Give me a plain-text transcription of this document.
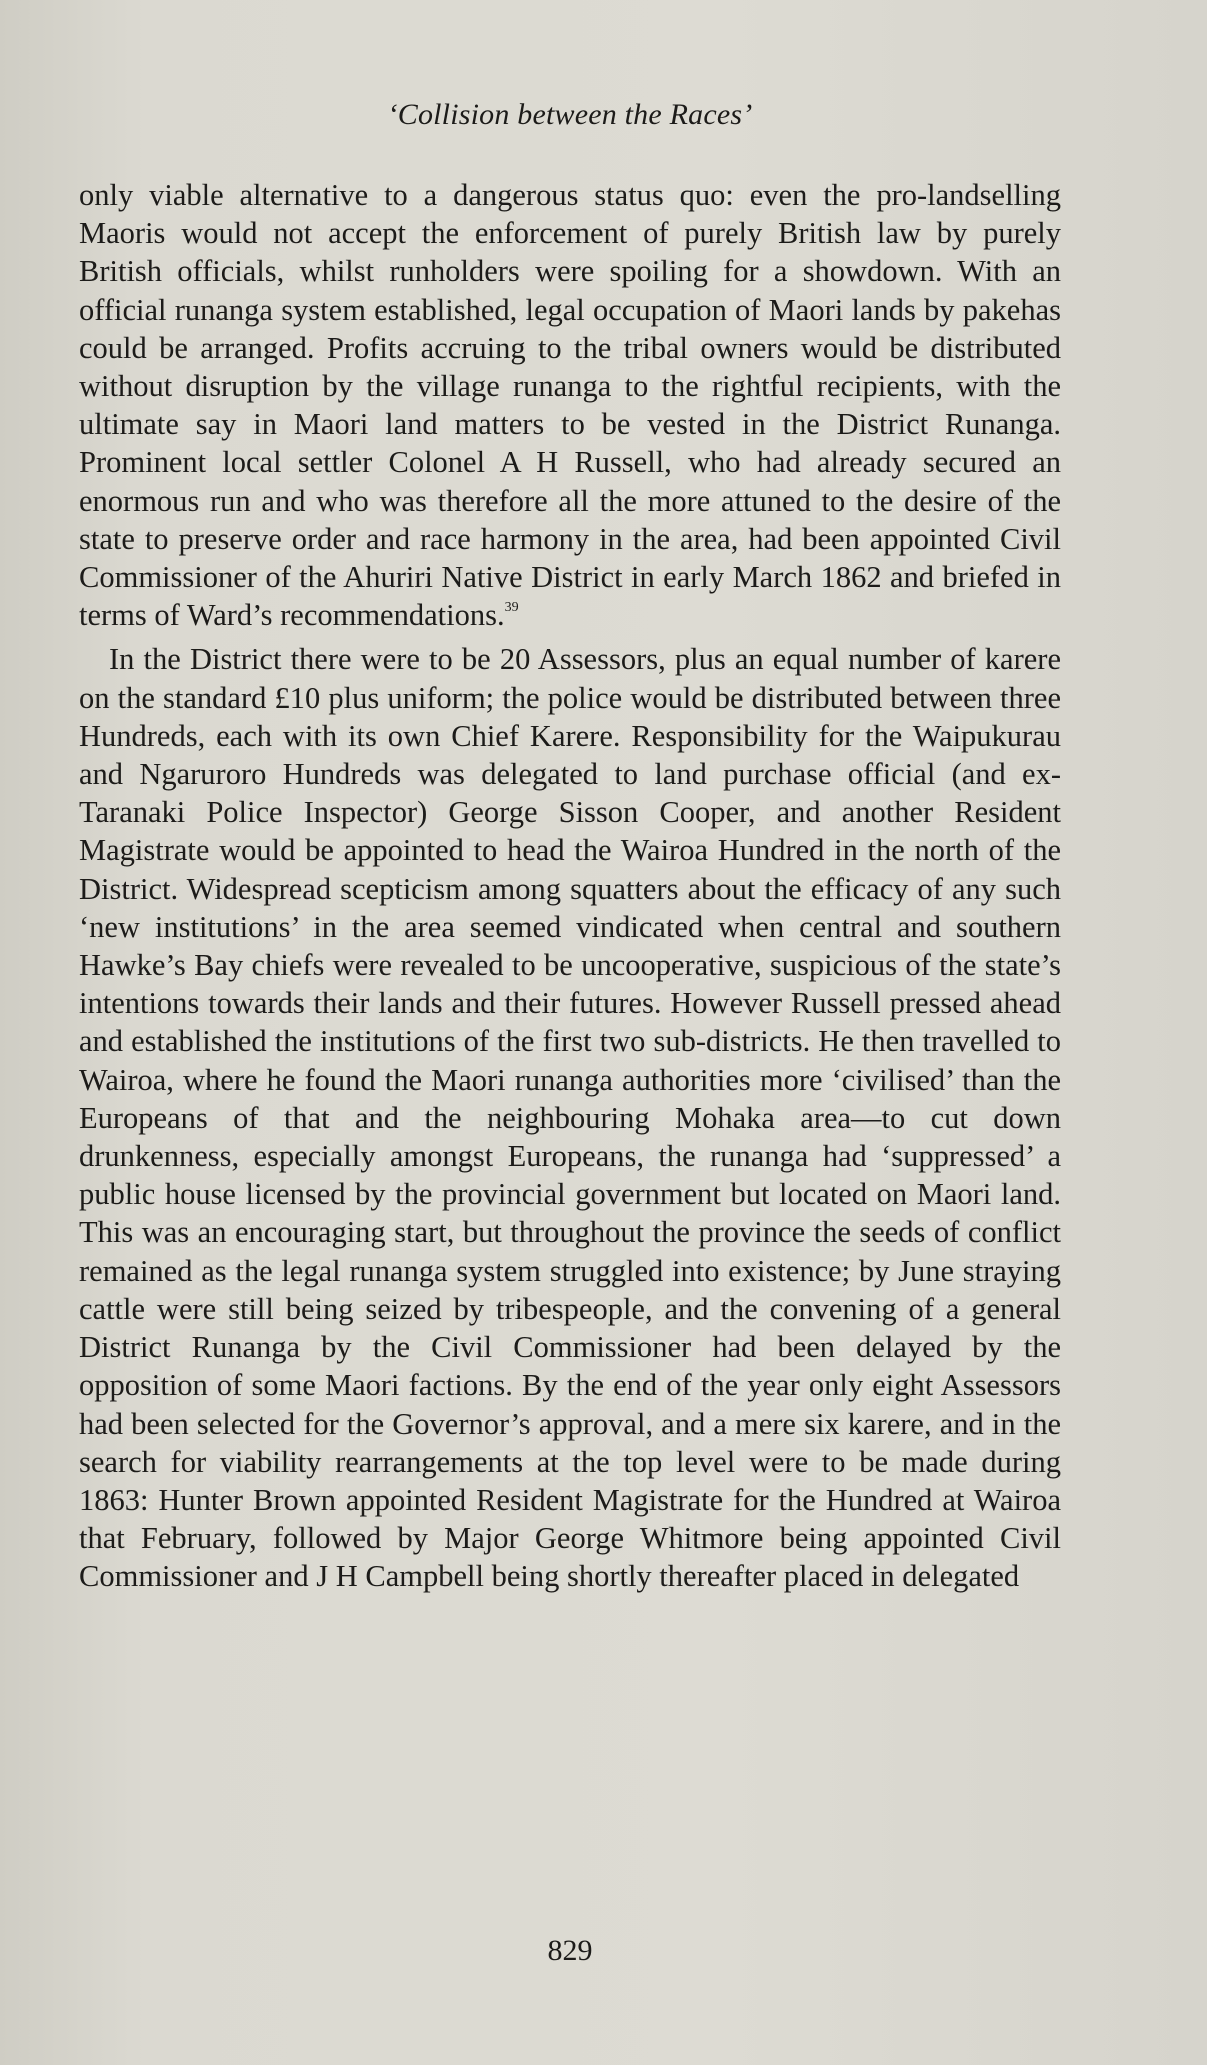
‘Collision between the Races’

only viable alternative to a dangerous status quo: even the pro-landselling Maoris would not accept the enforcement of purely British law by purely British officials, whilst runholders were spoiling for a showdown. With an official runanga system established, legal occupation of Maori lands by pakehas could be arranged. Profits accruing to the tribal owners would be distributed without disruption by the village runanga to the rightful recipients, with the ultimate say in Maori land matters to be vested in the District Runanga. Prominent local settler Colonel A H Russell, who had already secured an enormous run and who was therefore all the more attuned to the desire of the state to preserve order and race harmony in the area, had been appointed Civil Commissioner of the Ahuriri Native District in early March 1862 and briefed in terms of Ward’s recommendations.$^{39}$

In the District there were to be 20 Assessors, plus an equal number of karere on the standard £10 plus uniform; the police would be distributed between three Hundreds, each with its own Chief Karere. Responsibility for the Waipukurau and Ngaruroro Hundreds was delegated to land purchase official (and ex-Taranaki Police Inspector) George Sisson Cooper, and another Resident Magistrate would be appointed to head the Wairoa Hundred in the north of the District. Widespread scepticism among squatters about the efficacy of any such ‘new institutions’ in the area seemed vindicated when central and southern Hawke’s Bay chiefs were revealed to be uncooperative, suspicious of the state’s intentions towards their lands and their futures. However Russell pressed ahead and established the institutions of the first two sub-districts. He then travelled to Wairoa, where he found the Maori runanga authorities more ‘civilised’ than the Europeans of that and the neighbouring Mohaka area—to cut down drunkenness, especially amongst Europeans, the runanga had ‘suppressed’ a public house licensed by the provincial government but located on Maori land. This was an encouraging start, but throughout the province the seeds of conflict remained as the legal runanga system struggled into existence; by June straying cattle were still being seized by tribespeople, and the convening of a general District Runanga by the Civil Commissioner had been delayed by the opposition of some Maori factions. By the end of the year only eight Assessors had been selected for the Governor’s approval, and a mere six karere, and in the search for viability rearrangements at the top level were to be made during 1863: Hunter Brown appointed Resident Magistrate for the Hundred at Wairoa that February, followed by Major George Whitmore being appointed Civil Commissioner and J H Campbell being shortly thereafter placed in delegated

829
